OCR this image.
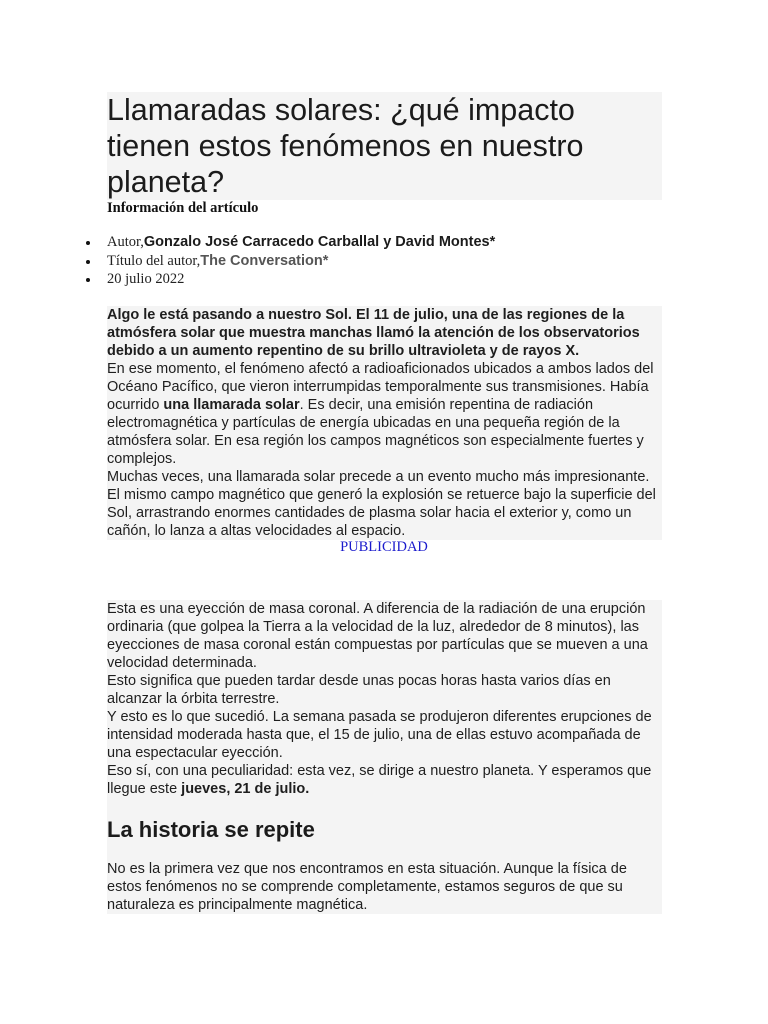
Llamaradas solares: ¿qué impacto tienen estos fenómenos en nuestro planeta?

Información del artículo

Autor,Gonzalo José Carracedo Carballal y David Montes*
Título del autor,The Conversation*
20 julio 2022

Algo le está pasando a nuestro Sol. El 11 de julio, una de las regiones de la atmósfera solar que muestra manchas llamó la atención de los observatorios debido a un aumento repentino de su brillo ultravioleta y de rayos X.

En ese momento, el fenómeno afectó a radioaficionados ubicados a ambos lados del Océano Pacífico, que vieron interrumpidas temporalmente sus transmisiones. Había ocurrido una llamarada solar. Es decir, una emisión repentina de radiación electromagnética y partículas de energía ubicadas en una pequeña región de la atmósfera solar. En esa región los campos magnéticos son especialmente fuertes y complejos.

Muchas veces, una llamarada solar precede a un evento mucho más impresionante. El mismo campo magnético que generó la explosión se retuerce bajo la superficie del Sol, arrastrando enormes cantidades de plasma solar hacia el exterior y, como un cañón, lo lanza a altas velocidades al espacio.

PUBLICIDAD

Esta es una eyección de masa coronal. A diferencia de la radiación de una erupción ordinaria (que golpea la Tierra a la velocidad de la luz, alrededor de 8 minutos), las eyecciones de masa coronal están compuestas por partículas que se mueven a una velocidad determinada.

Esto significa que pueden tardar desde unas pocas horas hasta varios días en alcanzar la órbita terrestre.

Y esto es lo que sucedió. La semana pasada se produjeron diferentes erupciones de intensidad moderada hasta que, el 15 de julio, una de ellas estuvo acompañada de una espectacular eyección.

Eso sí, con una peculiaridad: esta vez, se dirige a nuestro planeta. Y esperamos que llegue este jueves, 21 de julio.

La historia se repite

No es la primera vez que nos encontramos en esta situación. Aunque la física de estos fenómenos no se comprende completamente, estamos seguros de que su naturaleza es principalmente magnética.
